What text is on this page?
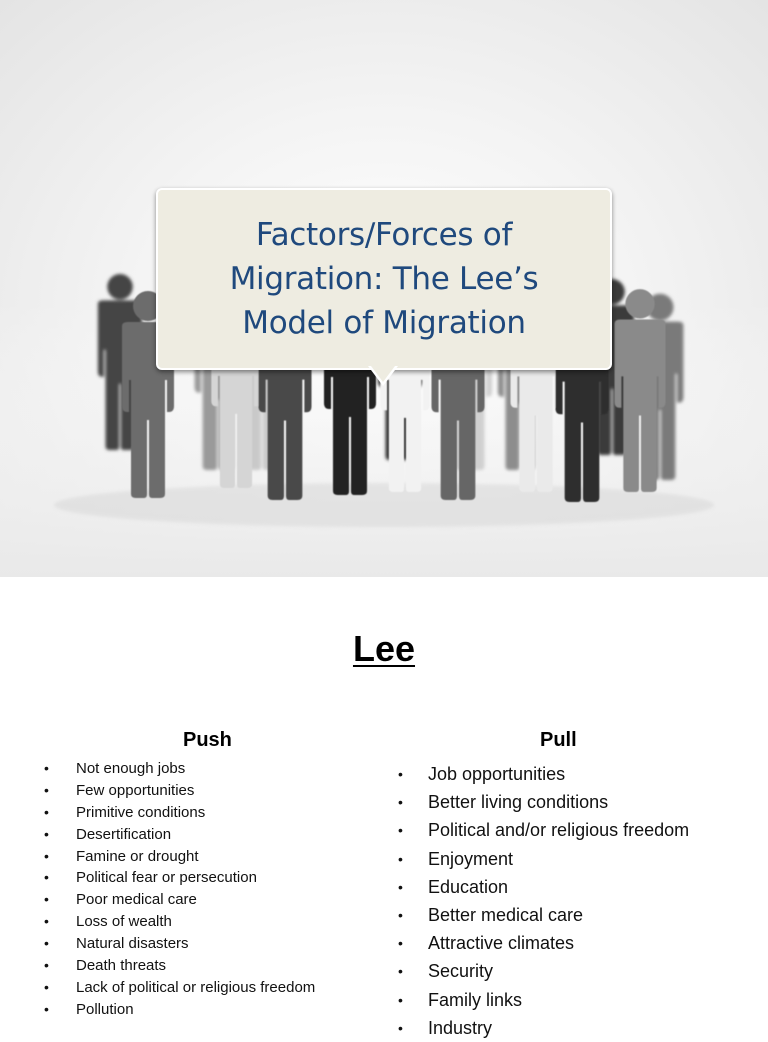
Factors/Forces of
Migration: The Lee’s
Model of Migration
Lee
Push	Pull
• Not enough jobs
• Few opportunities
• Primitive conditions
• Desertification
• Famine or drought
• Political fear or persecution
• Poor medical care
• Loss of wealth
• Natural disasters
• Death threats
• Lack of political or religious freedom
• Pollution
• Job opportunities
• Better living conditions
• Political and/or religious freedom
• Enjoyment
• Education
• Better medical care
• Attractive climates
• Security
• Family links
• Industry
